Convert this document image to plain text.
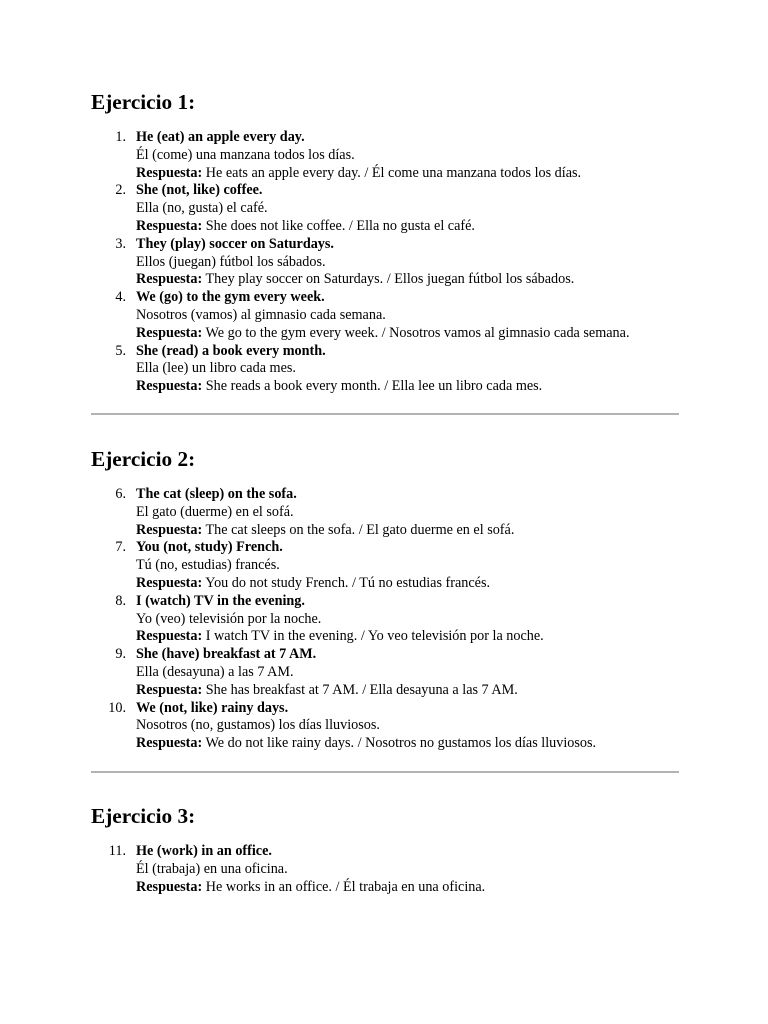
Ejercicio 1:
1. He (eat) an apple every day.
Él (come) una manzana todos los días.
Respuesta: He eats an apple every day. / Él come una manzana todos los días.
2. She (not, like) coffee.
Ella (no, gusta) el café.
Respuesta: She does not like coffee. / Ella no gusta el café.
3. They (play) soccer on Saturdays.
Ellos (juegan) fútbol los sábados.
Respuesta: They play soccer on Saturdays. / Ellos juegan fútbol los sábados.
4. We (go) to the gym every week.
Nosotros (vamos) al gimnasio cada semana.
Respuesta: We go to the gym every week. / Nosotros vamos al gimnasio cada semana.
5. She (read) a book every month.
Ella (lee) un libro cada mes.
Respuesta: She reads a book every month. / Ella lee un libro cada mes.
Ejercicio 2:
6. The cat (sleep) on the sofa.
El gato (duerme) en el sofá.
Respuesta: The cat sleeps on the sofa. / El gato duerme en el sofá.
7. You (not, study) French.
Tú (no, estudias) francés.
Respuesta: You do not study French. / Tú no estudias francés.
8. I (watch) TV in the evening.
Yo (veo) televisión por la noche.
Respuesta: I watch TV in the evening. / Yo veo televisión por la noche.
9. She (have) breakfast at 7 AM.
Ella (desayuna) a las 7 AM.
Respuesta: She has breakfast at 7 AM. / Ella desayuna a las 7 AM.
10. We (not, like) rainy days.
Nosotros (no, gustamos) los días lluviosos.
Respuesta: We do not like rainy days. / Nosotros no gustamos los días lluviosos.
Ejercicio 3:
11. He (work) in an office.
Él (trabaja) en una oficina.
Respuesta: He works in an office. / Él trabaja en una oficina.
